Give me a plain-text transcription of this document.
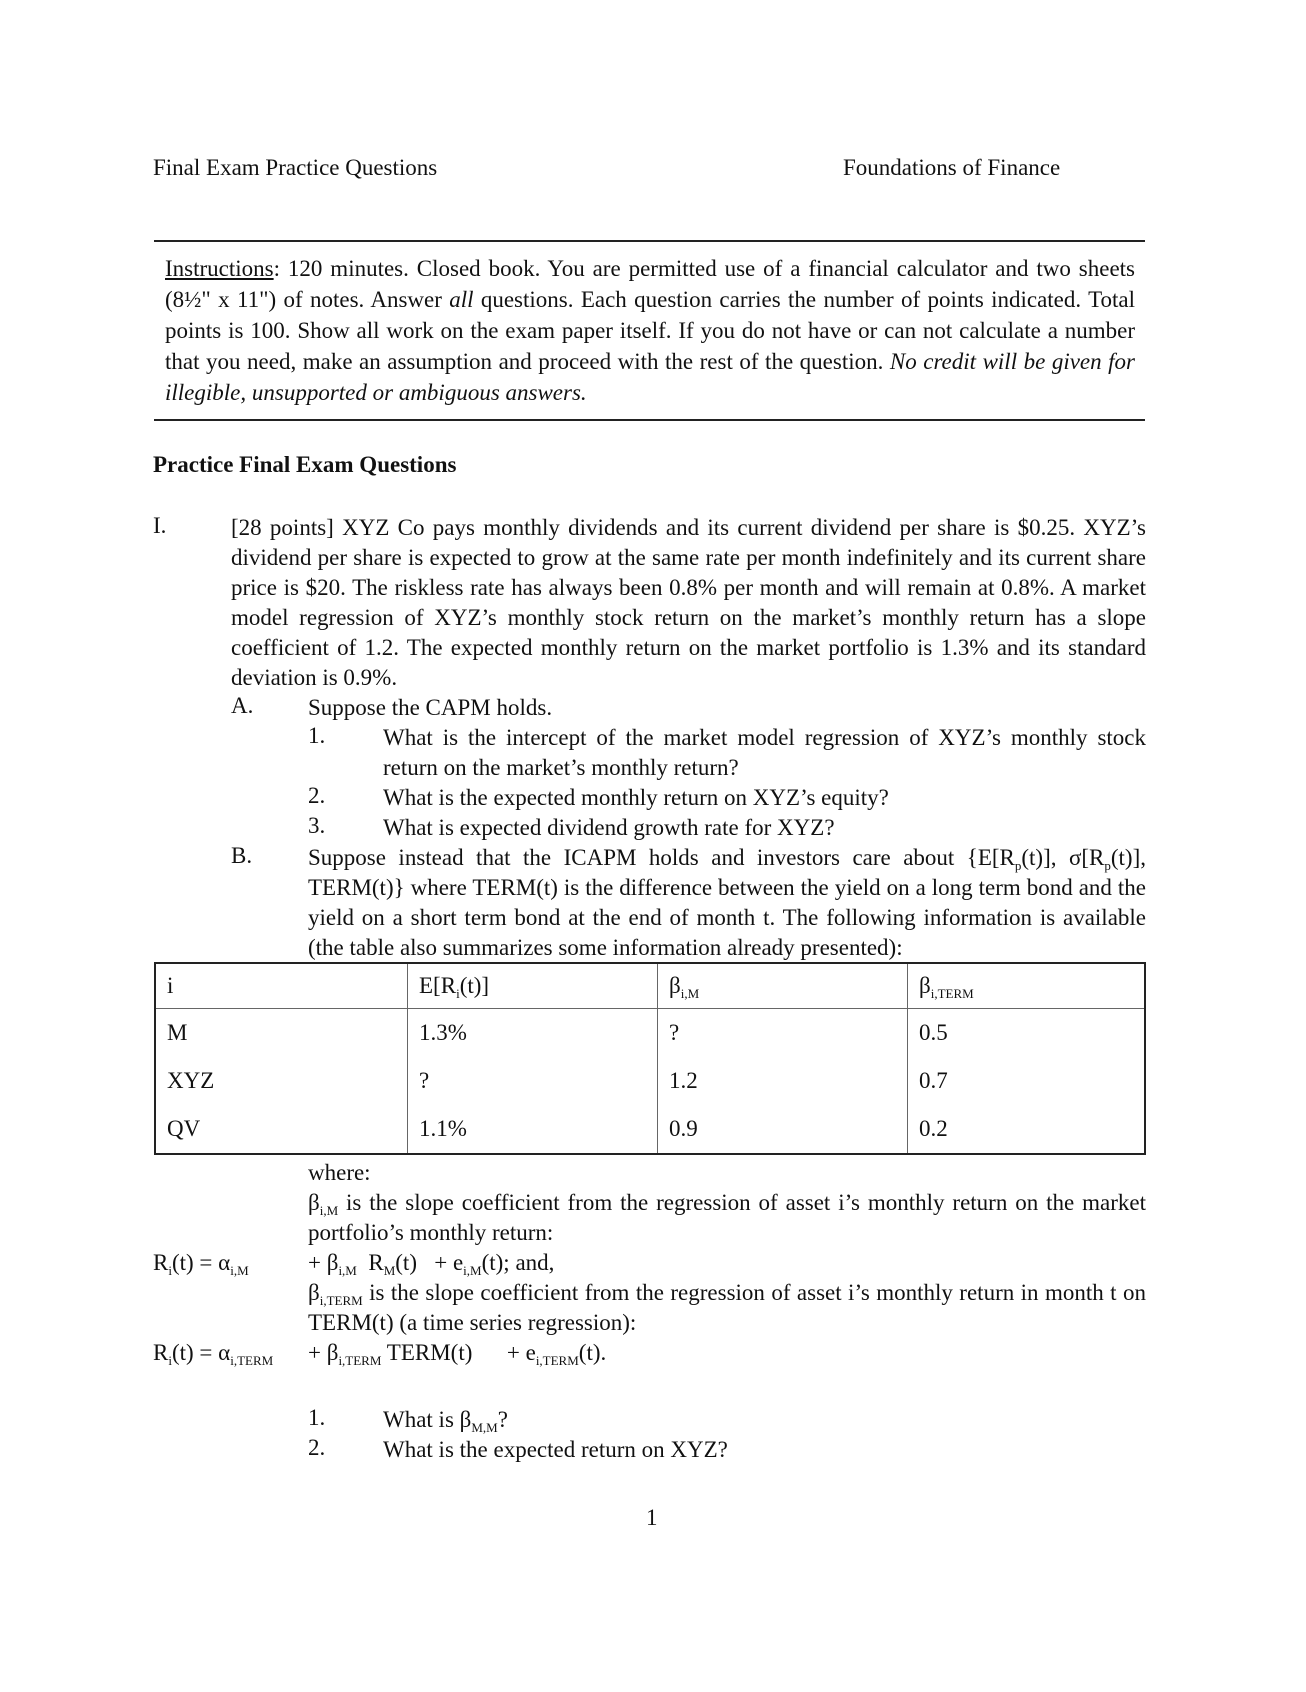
Final Exam Practice Questions	Foundations of Finance
Instructions: 120 minutes. Closed book. You are permitted use of a financial calculator and two sheets (8½" x 11") of notes. Answer all questions. Each question carries the number of points indicated. Total points is 100. Show all work on the exam paper itself. If you do not have or can not calculate a number that you need, make an assumption and proceed with the rest of the question. No credit will be given for illegible, unsupported or ambiguous answers.
Practice Final Exam Questions
I.	[28 points] XYZ Co pays monthly dividends and its current dividend per share is $0.25. XYZ’s dividend per share is expected to grow at the same rate per month indefinitely and its current share price is $20. The riskless rate has always been 0.8% per month and will remain at 0.8%. A market model regression of XYZ’s monthly stock return on the market’s monthly return has a slope coefficient of 1.2. The expected monthly return on the market portfolio is 1.3% and its standard deviation is 0.9%.
A. Suppose the CAPM holds.
1.	What is the intercept of the market model regression of XYZ’s monthly stock return on the market’s monthly return?
2.	What is the expected monthly return on XYZ’s equity?
3.	What is expected dividend growth rate for XYZ?
B. Suppose instead that the ICAPM holds and investors care about {$E[R_p(t)]$, $\sigma[R_p(t)]$, TERM(t)} where TERM(t) is the difference between the yield on a long term bond and the yield on a short term bond at the end of month t. The following information is available (the table also summarizes some information already presented):
i	$E[R_i(t)]$	$\beta_{i,M}$	$\beta_{i,TERM}$
M	1.3%	?	0.5
XYZ	?	1.2	0.7
QV	1.1%	0.9	0.2
where:
$\beta_{i,M}$ is the slope coefficient from the regression of asset i’s monthly return on the market portfolio’s monthly return:
$R_i(t) = \alpha_{i,M}$	+ $\beta_{i,M}$ $R_M(t) + e_{i,M}(t)$; and,
$\beta_{i,TERM}$ is the slope coefficient from the regression of asset i’s monthly return in month t on TERM(t) (a time series regression):
$R_i(t) = \alpha_{i,TERM} + \beta_{i,TERM}$ TERM(t) + $e_{i,TERM}(t)$.
1.	What is $\beta_{M,M}$?
2.	What is the expected return on XYZ?
1
